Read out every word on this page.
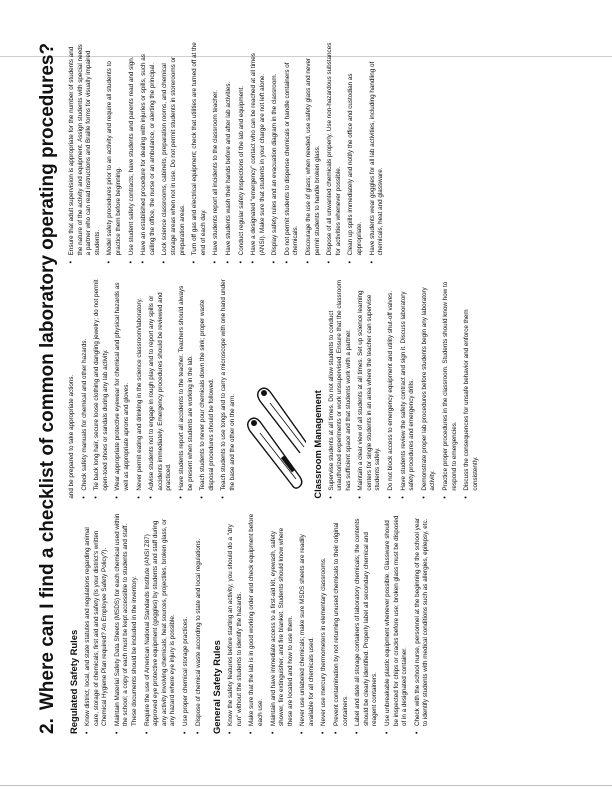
2.Where can I find a checklist of common laboratory operating procedures? Regulated Safety Rules • Know district, local, and state statutes and regulations regarding animal care, storage of chemicals, first aid and safety (Is your district's written Chemical Hygiene Plan required? An Employee Safety Policy?). • Maintain Material Safety Data Sheets (MSDS) for each chemical used within the school; a copy of each must be kept accessible to students and staff. These documents should be included in the inventory. • Require the use of American National Standards Institute (ANSI Z87) approved eye protective equipment (goggles) by students and staff during any activity involving chemicals, heat sources, projectiles, broken glass, or any hazard where eye injury is possible. • Use proper chemical storage practices. • Dispose of chemical waste according to state and local regulations. General Safety Rules • Know the safety features before starting an activity; you should do a "dry run" without the students to identify the hazards. • Make sure that the lab is in good working order and check equipment before each use. • Maintain and have immediate access to a first-aid kit, eyewash, safety shower, fire extinguisher, and fire blanket. Students should know where these are located and how to use them. • Never use unlabeled chemicals; make sure MSDS sheets are readily available for all chemicals used. • Never use mercury thermometers in elementary classrooms. • Prevent contamination by not returning unused chemicals to their original containers. • Label and date all storage containers of laboratory chemicals; the contents should be clearly identified. Properly label all secondary chemical and reagent containers. • Use unbreakable plastic equipment whenever possible. Glassware should be inspected for chips or cracks before use; broken glass must be disposed of in a designated container. • Check with the school nurse, personnel at the beginning of the school year to identify students with medical conditions such as allergies, epilepsy, etc.
and be prepared to take appropriate actions. • Check safety manuals for chemical and other hazards. • Tie back long hair, secure loose clothing and dangling jewelry; do not permit open-toed shoes or sandals during any lab activity. • Wear appropriate protective eyewear for chemical and physical hazards as well as appropriate aprons and gloves. • Never permit eating and drinking in the science classroom/laboratory. • Advise students not to engage in rough play and to report any spills or accidents immediately. Emergency procedures should be reviewed and practiced. • Have students report all accidents to the teacher. Teachers should always be present when students are working in the lab. • Teach students to never pour chemicals down the sink; proper waste disposal procedures should be followed. • Teach students to use tongs and to carry a microscope with one hand under the base and the other on the arm.	Classroom Management • Supervise students at all times. Do not allow students to conduct unauthorized experiments or work unsupervised. Ensure that the classroom has sufficient space and that students work with a partner. • Maintain a clear view of all students at all times. Set up science learning centers for single students in an area where the teacher can supervise students safely. • Do not block access to emergency equipment and utility shut-off valves. • Have students review the safety contract and sign it. Discuss laboratory safety procedures and emergency drills. • Demonstrate proper lab procedures before students begin any laboratory activity. • Practice proper procedures in the classroom. Students should know how to respond to emergencies. • Discuss the consequences for unsafe behavior and enforce them consistently.
• Ensure that adult supervision is appropriate for the number of students and the nature of the activity and equipment. Assign students with special needs a partner who can read instructions and Braille forms for visually impaired students. • Model safety procedures prior to an activity and require all students to practice them before beginning. • Use student safety contracts; have students and parents read and sign. • Have an established procedure for dealing with injuries or spills, such as calling the office, the nurse or an ambulance, or alerting the principal. • Lock science classrooms, cabinets, preparation rooms, and chemical storage areas when not in use. Do not permit students in storerooms or preparation areas. • Turn off gas and electrical equipment; check that utilities are turned off at the end of each day. • Have students report all incidents to the classroom teacher. • Have students wash their hands before and after lab activities. • Conduct regular safety inspections of the lab and equipment. • Have a designated "emergency" contact who can be reached at all times (ANSI). Make sure that students in your charge are not left alone. • Display safety rules and an evacuation diagram in the classroom. • Do not permit students to dispense chemicals or handle containers of chemicals. • Discourage the use of glass; when needed, use safety glass and never permit students to handle broken glass. • Dispose of all unwanted chemicals properly. Use non-hazardous substances for activities whenever possible. • Clean up spills immediately and notify the office and custodian as appropriate. • Have students wear goggles for all lab activities, including handling of chemicals, heat and glassware.
